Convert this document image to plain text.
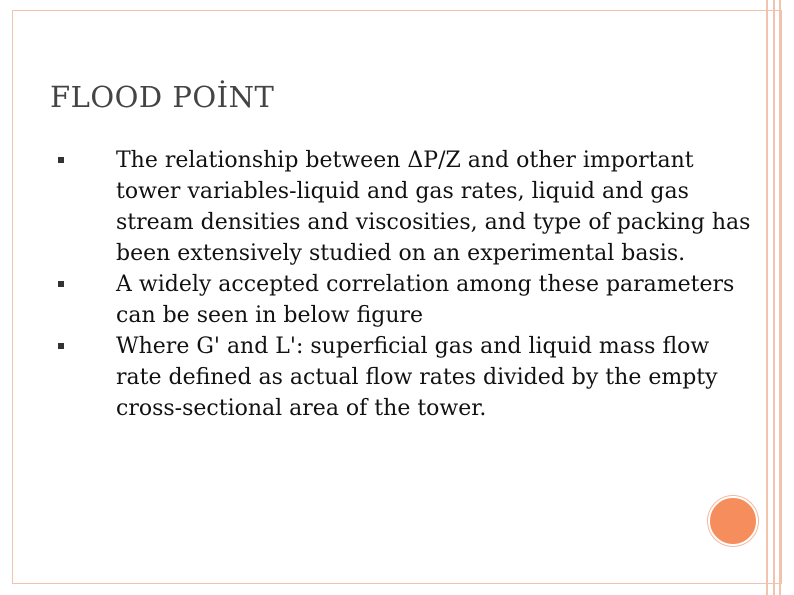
FLOOD POİNT
The relationship between ΔP/Z and other important tower variables-liquid and gas rates, liquid and gas stream densities and viscosities, and type of packing has been extensively studied on an experimental basis.
A widely accepted correlation among these parameters can be seen in below figure
Where G' and L': superficial gas and liquid mass flow rate defined as actual flow rates divided by the empty cross-sectional area of the tower.
